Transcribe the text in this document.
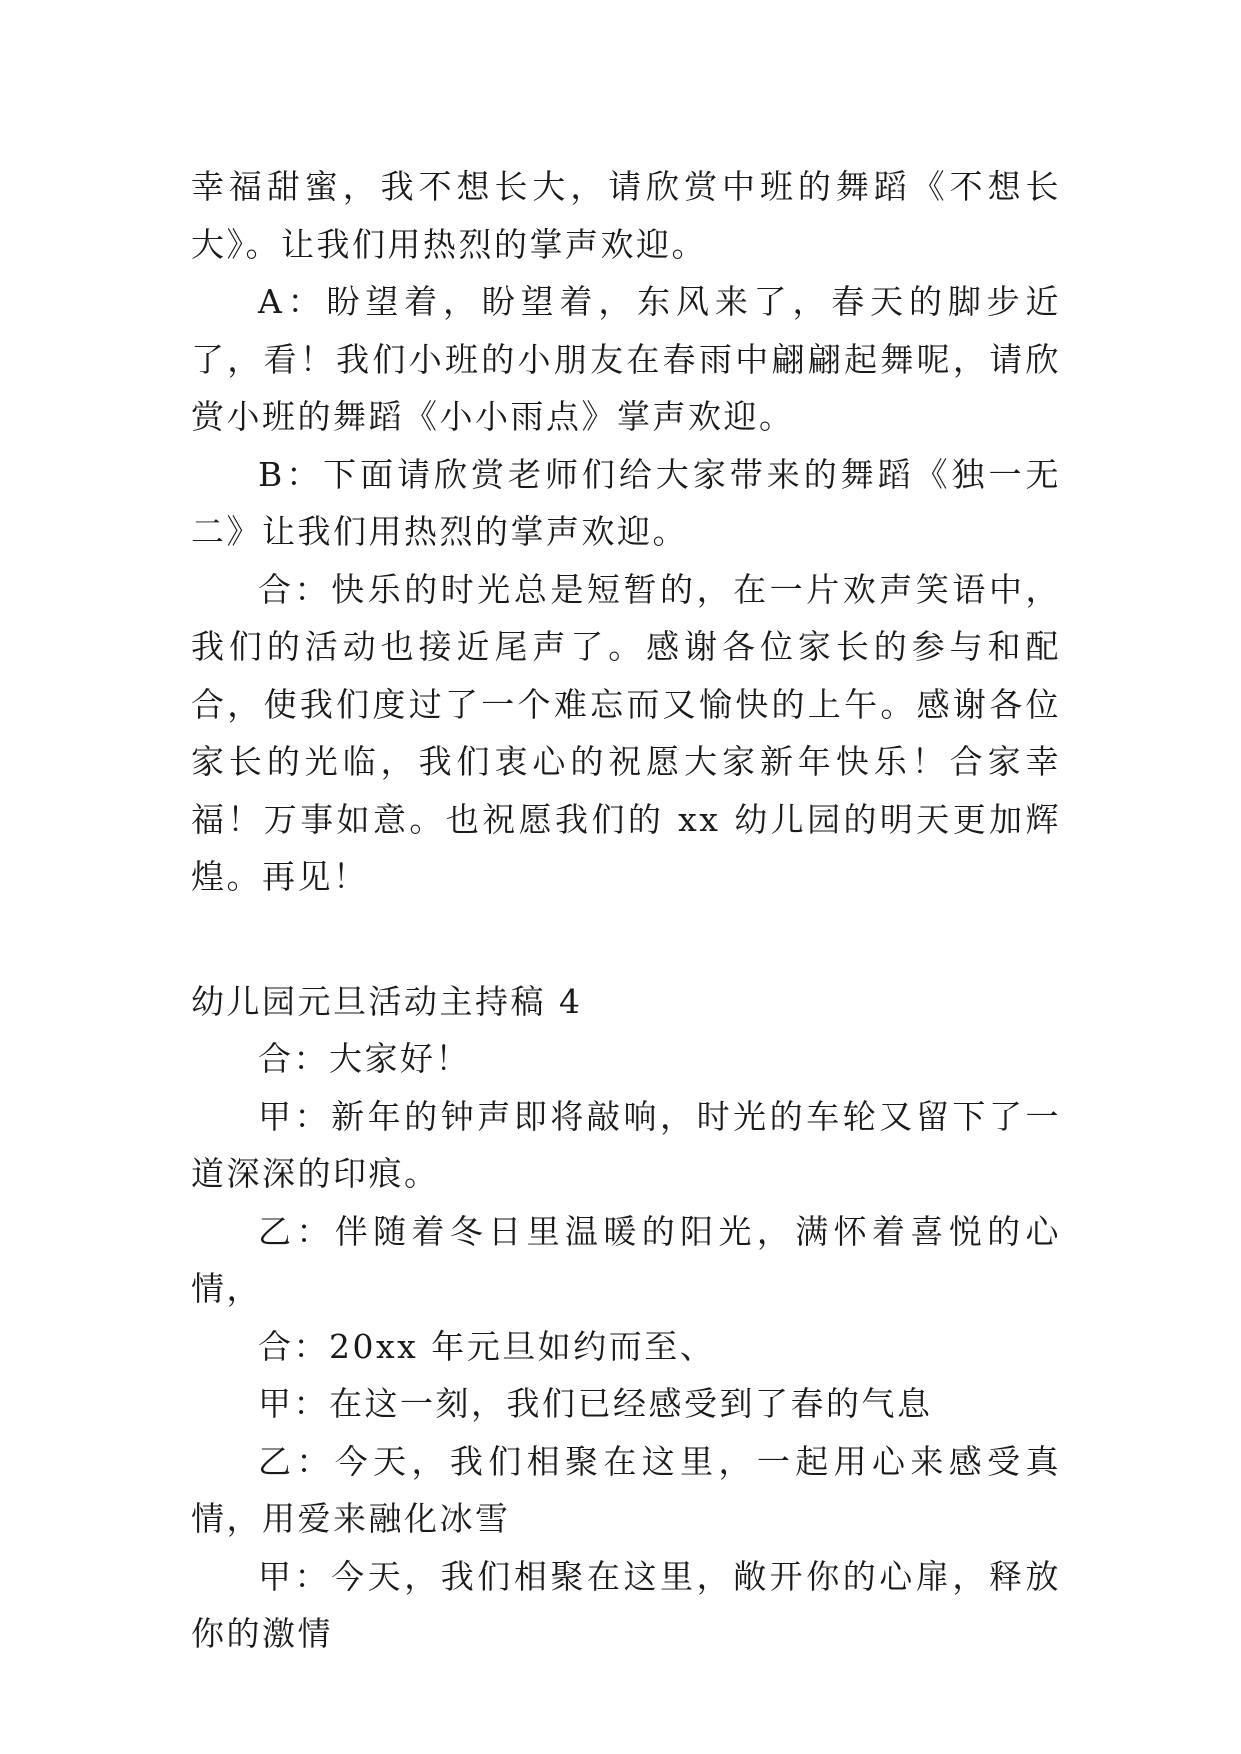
幸福甜蜜，我不想长大，请欣赏中班的舞蹈《不想长大》。让我们用热烈的掌声欢迎。

A：盼望着，盼望着，东风来了，春天的脚步近了，看！我们小班的小朋友在春雨中翩翩起舞呢，请欣赏小班的舞蹈《小小雨点》掌声欢迎。

B：下面请欣赏老师们给大家带来的舞蹈《独一无二》让我们用热烈的掌声欢迎。

合：快乐的时光总是短暂的，在一片欢声笑语中，我们的活动也接近尾声了。感谢各位家长的参与和配合，使我们度过了一个难忘而又愉快的上午。感谢各位家长的光临，我们衷心的祝愿大家新年快乐！合家幸福！万事如意。也祝愿我们的 xx 幼儿园的明天更加辉煌。再见！

幼儿园元旦活动主持稿 4

合：大家好！

甲：新年的钟声即将敲响，时光的车轮又留下了一道深深的印痕。

乙：伴随着冬日里温暖的阳光，满怀着喜悦的心情，

合：20xx 年元旦如约而至、

甲：在这一刻，我们已经感受到了春的气息

乙：今天，我们相聚在这里，一起用心来感受真情，用爱来融化冰雪

甲：今天，我们相聚在这里，敞开你的心扉，释放你的激情
